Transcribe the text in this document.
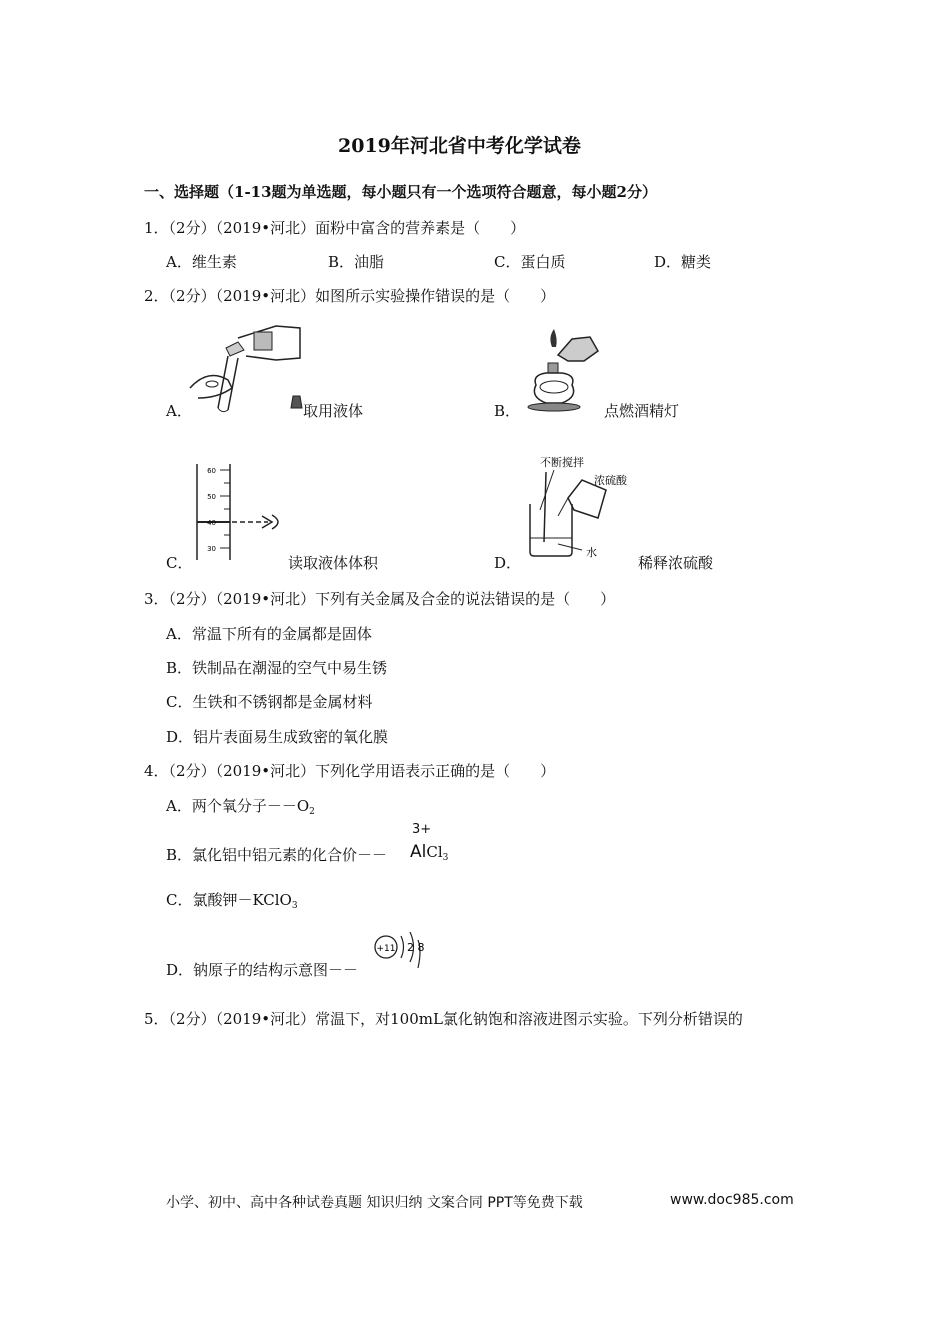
2019年河北省中考化学试卷
一、选择题（1-13题为单选题，每小题只有一个选项符合题意，每小题2分）
1．（2分）（2019•河北）面粉中富含的营养素是（　　）
A．维生素	B．油脂	C．蛋白质	D．糖类
2．（2分）（2019•河北）如图所示实验操作错误的是（　　）
A．	取用液体	B．	点燃酒精灯
60
50
40
30
C．	读取液体体积
不断搅拌
浓硫酸
水
D．	稀释浓硫酸
3．（2分）（2019•河北）下列有关金属及合金的说法错误的是（　　）
A．常温下所有的金属都是固体
B．铁制品在潮湿的空气中易生锈
C．生铁和不锈钢都是金属材料
D．铝片表面易生成致密的氧化膜
4．（2分）（2019•河北）下列化学用语表示正确的是（　　）
A．两个氧分子$--O_2$
B．氯化铝中铝元素的化合价－－
3+
AlCl$_3$
C．氯酸钾－KClO$_3$
D．钠原子的结构示意图－－
+11 2 8
5．（2分）（2019•河北）常温下，对100mL氯化钠饱和溶液进图示实验。下列分析错误的
小学、初中、高中各种试卷真题 知识归纳 文案合同 PPT等免费下载	www.doc985.com
